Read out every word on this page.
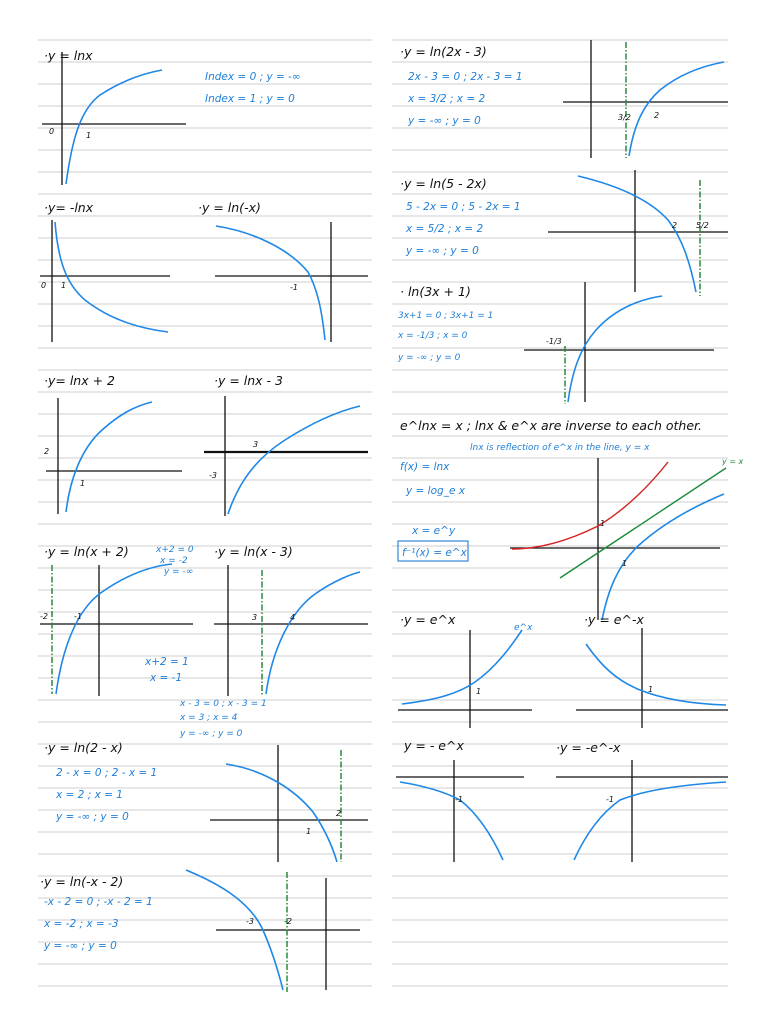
·y = lnx
Index = 0 ; y = -∞
Index = 1 ; y = 0
0	1
·y= -lnx
0 1
·y = ln(-x)
-1
·y= lnx + 2
2
1
·y = lnx - 3
-3
3
·y = ln(x + 2)	x+2 = 0
x = -2
y = -∞
x+2 = 1
x = -1
-2	-1
·y = ln(x - 3)
x - 3 = 0 ; x - 3 = 1
x = 3 ; x = 4
y = -∞ ; y = 0
3	4
·y = ln(2 - x)
2 - x = 0 ; 2 - x = 1
x = 2 ; x = 1
y = -∞ ; y = 0
1
2
·y = ln(-x - 2)
-x - 2 = 0 ; -x - 2 = 1
x = -2 ; x = -3
y = -∞ ; y = 0
-3	-2
·y = ln(2x - 3)
2x - 3 = 0 ; 2x - 3 = 1
x = 3/2 ; x = 2
y = -∞ ; y = 0	3/2	2
·y = ln(5 - 2x)
5 - 2x = 0 ; 5 - 2x = 1
x = 5/2 ; x = 2
y = -∞ ; y = 0
2 5/2
· ln(3x + 1)
3x+1 = 0 ; 3x+1 = 1
x = -1/3 ; x = 0
y = -∞ ; y = 0
-1/3
e^lnx = x ; lnx & e^x are inverse to each other.
lnx is reflection of e^x in the line, y = x
f(x) = lnx
y = log_e x
x = e^y
f⁻¹(x) = e^x
1
1
y = x
·y = e^x
e^x
1
·y = e^-x
1
y = - e^x
-1
·y = -e^-x
-1
